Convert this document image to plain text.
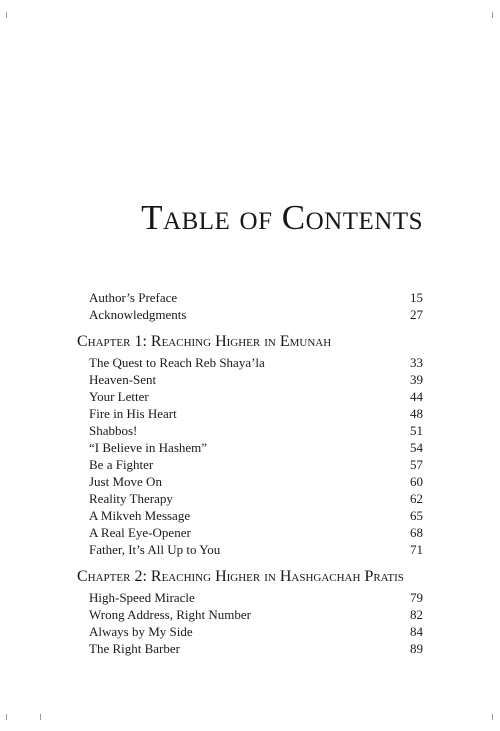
Table of Contents
Author’s Preface	15
Acknowledgments	27
Chapter 1: Reaching Higher in Emunah
The Quest to Reach Reb Shaya’la	33
Heaven-Sent	39
Your Letter	44
Fire in His Heart	48
Shabbos!	51
“I Believe in Hashem”	54
Be a Fighter	57
Just Move On	60
Reality Therapy	62
A Mikveh Message	65
A Real Eye-Opener	68
Father, It’s All Up to You	71
Chapter 2: Reaching Higher in Hashgachah Pratis
High-Speed Miracle	79
Wrong Address, Right Number	82
Always by My Side	84
The Right Barber	89
